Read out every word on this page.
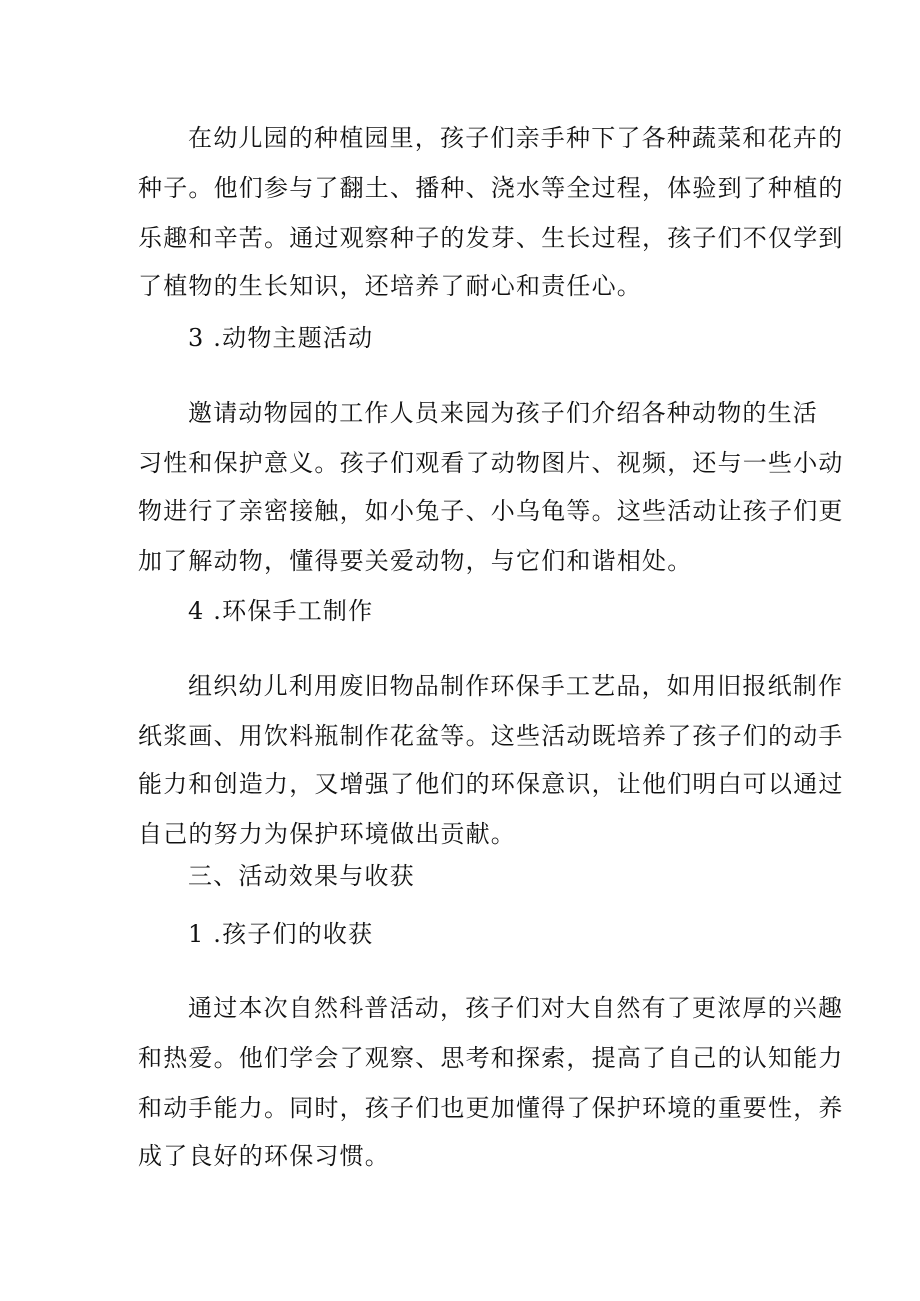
在幼儿园的种植园里，孩子们亲手种下了各种蔬菜和花卉的
种子。他们参与了翻土、播种、浇水等全过程，体验到了种植的
乐趣和辛苦。通过观察种子的发芽、生长过程，孩子们不仅学到
了植物的生长知识，还培养了耐心和责任心。
3 .动物主题活动
邀请动物园的工作人员来园为孩子们介绍各种动物的生活
习性和保护意义。孩子们观看了动物图片、视频，还与一些小动
物进行了亲密接触，如小兔子、小乌龟等。这些活动让孩子们更
加了解动物，懂得要关爱动物，与它们和谐相处。
4 .环保手工制作
组织幼儿利用废旧物品制作环保手工艺品，如用旧报纸制作
纸浆画、用饮料瓶制作花盆等。这些活动既培养了孩子们的动手
能力和创造力，又增强了他们的环保意识，让他们明白可以通过
自己的努力为保护环境做出贡献。
三、活动效果与收获
1 .孩子们的收获
通过本次自然科普活动，孩子们对大自然有了更浓厚的兴趣
和热爱。他们学会了观察、思考和探索，提高了自己的认知能力
和动手能力。同时，孩子们也更加懂得了保护环境的重要性，养
成了良好的环保习惯。
